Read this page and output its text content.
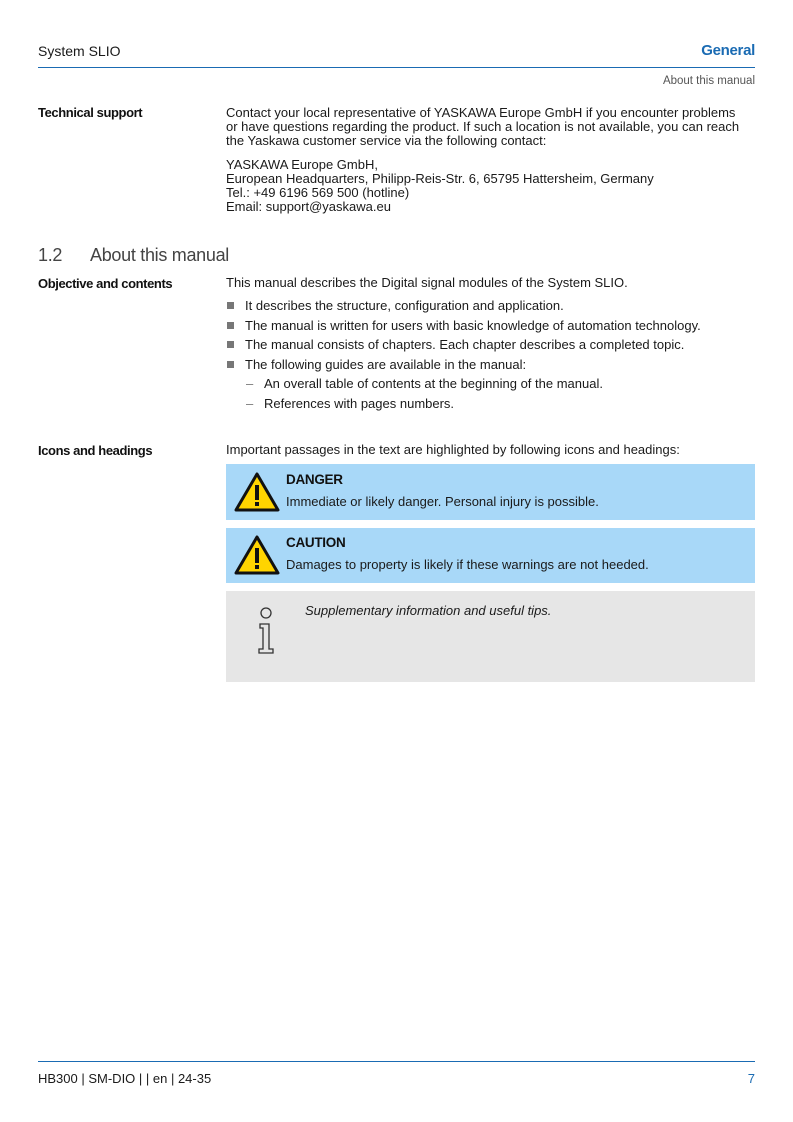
System SLIO	General
About this manual
Technical support	Contact your local representative of YASKAWA Europe GmbH if you encounter problems

or have questions regarding the product. If such a location is not available, you can reach

the Yaskawa customer service via the following contact:

YASKAWA Europe GmbH,

European Headquarters, Philipp-Reis-Str. 6, 65795 Hattersheim, Germany

Tel.: +49 6196 569 500 (hotline)

Email: support@yaskawa.eu

1.2 About this manual
Objective and contents	This manual describes the Digital signal modules of the System SLIO.
It describes the structure, configuration and application.
The manual is written for users with basic knowledge of automation technology.
The manual consists of chapters. Each chapter describes a completed topic.
The following guides are available in the manual:
– An overall table of contents at the beginning of the manual.
– References with pages numbers.
Icons and headings	Important passages in the text are highlighted by following icons and headings:
DANGER
Immediate or likely danger. Personal injury is possible.
CAUTION
Damages to property is likely if these warnings are not heeded.
Supplementary information and useful tips.
HB300 | SM-DIO | | en | 24-35	7
